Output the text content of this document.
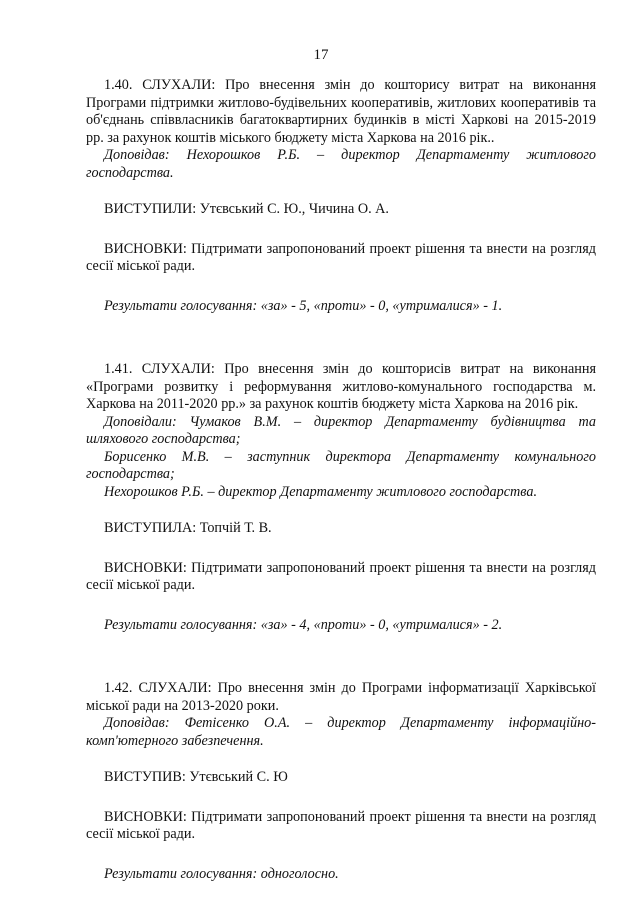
17

1.40. СЛУХАЛИ: Про внесення змін до кошторису витрат на виконання Програми підтримки житлово-будівельних кооперативів, житлових кооперативів та об'єднань співвласників багатоквартирних будинків в місті Харкові на 2015-2019 рр. за рахунок коштів міського бюджету міста Харкова на 2016 рік..

Доповідав: Нехорошков Р.Б. – директор Департаменту житлового господарства.

ВИСТУПИЛИ: Утєвський С. Ю., Чичина О. А.

ВИСНОВКИ: Підтримати запропонований проект рішення та внести на розгляд сесії міської ради.

Результати голосування: «за» - 5, «проти» - 0, «утрималися» - 1.

1.41. СЛУХАЛИ: Про внесення змін до кошторисів витрат на виконання «Програми розвитку і реформування житлово-комунального господарства м. Харкова на 2011-2020 рр.» за рахунок коштів бюджету міста Харкова на 2016 рік.

Доповідали: Чумаков В.М. – директор Департаменту будівництва та шляхового господарства;

Борисенко М.В. – заступник директора Департаменту комунального господарства;

Нехорошков Р.Б. – директор Департаменту житлового господарства.

ВИСТУПИЛА: Топчій Т. В.

ВИСНОВКИ: Підтримати запропонований проект рішення та внести на розгляд сесії міської ради.

Результати голосування: «за» - 4, «проти» - 0, «утрималися» - 2.

1.42. СЛУХАЛИ: Про внесення змін до Програми інформатизації Харківської міської ради на 2013-2020 роки.

Доповідав: Фетісенко О.А. – директор Департаменту інформаційно-комп'ютерного забезпечення.

ВИСТУПИВ: Утєвський С. Ю

ВИСНОВКИ: Підтримати запропонований проект рішення та внести на розгляд сесії міської ради.

Результати голосування: одноголосно.
